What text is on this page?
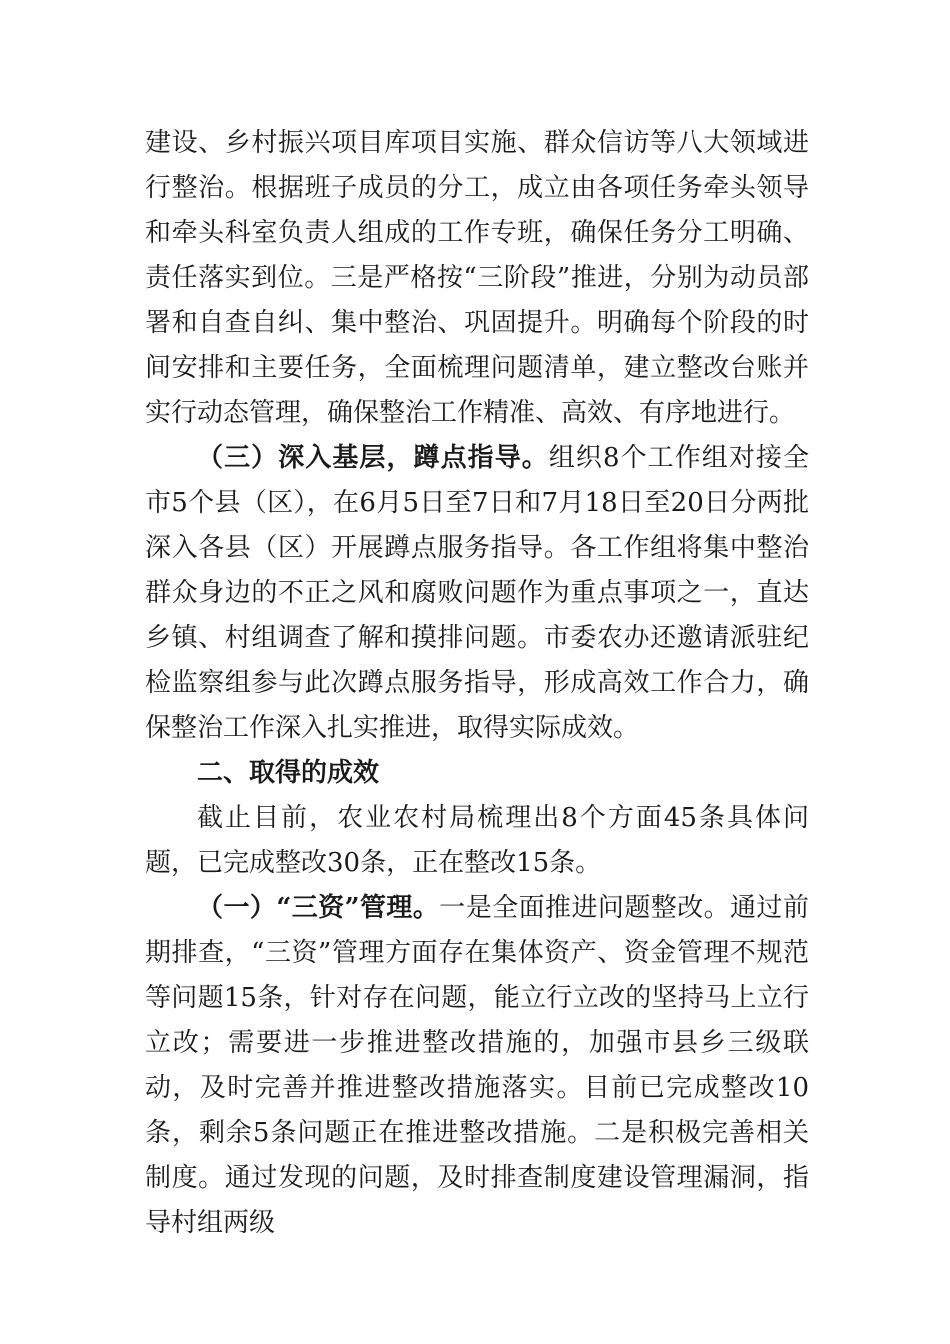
建设、乡村振兴项目库项目实施、群众信访等八大领域进行整治。根据班子成员的分工，成立由各项任务牵头领导和牵头科室负责人组成的工作专班，确保任务分工明确、责任落实到位。三是严格按“三阶段”推进，分别为动员部署和自查自纠、集中整治、巩固提升。明确每个阶段的时间安排和主要任务，全面梳理问题清单，建立整改台账并实行动态管理，确保整治工作精准、高效、有序地进行。

（三）深入基层，蹲点指导。组织8个工作组对接全市5个县（区），在6月5日至7日和7月18日至20日分两批深入各县（区）开展蹲点服务指导。各工作组将集中整治群众身边的不正之风和腐败问题作为重点事项之一，直达乡镇、村组调查了解和摸排问题。市委农办还邀请派驻纪检监察组参与此次蹲点服务指导，形成高效工作合力，确保整治工作深入扎实推进，取得实际成效。

二、取得的成效

截止目前，农业农村局梳理出8个方面45条具体问题，已完成整改30条，正在整改15条。

（一）“三资”管理。一是全面推进问题整改。通过前期排查，“三资”管理方面存在集体资产、资金管理不规范等问题15条，针对存在问题，能立行立改的坚持马上立行立改；需要进一步推进整改措施的，加强市县乡三级联动，及时完善并推进整改措施落实。目前已完成整改10条，剩余5条问题正在推进整改措施。二是积极完善相关制度。通过发现的问题，及时排查制度建设管理漏洞，指导村组两级
